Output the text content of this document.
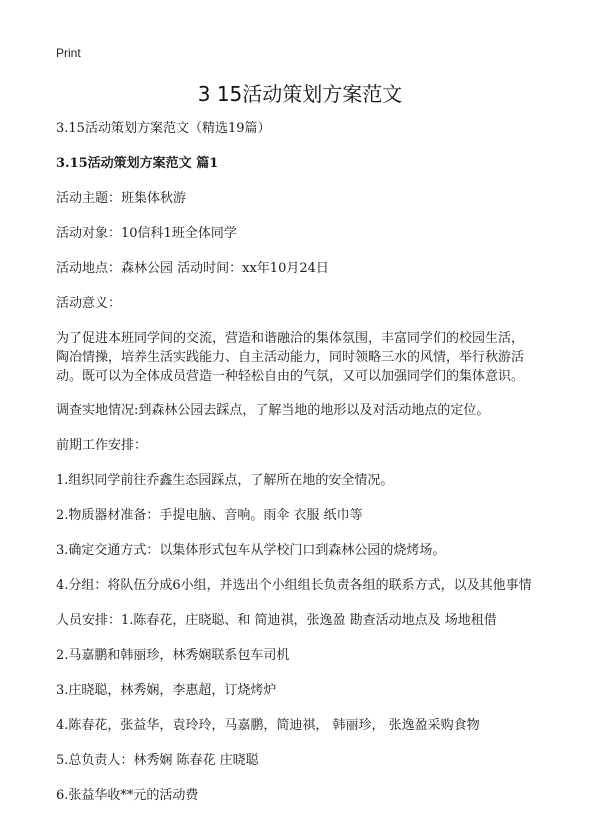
Print
3 15活动策划方案范文

3.15活动策划方案范文（精选19篇）

3.15活动策划方案范文 篇1

活动主题：班集体秋游

活动对象：10信科1班全体同学

活动地点：森林公园 活动时间：xx年10月24日

活动意义：

为了促进本班同学间的交流，营造和谐融洽的集体氛围，丰富同学们的校园生活，
陶冶情操，培养生活实践能力、自主活动能力，同时领略三水的风情，举行秋游活
动。既可以为全体成员营造一种轻松自由的气氛，又可以加强同学们的集体意识。

调查实地情况:到森林公园去踩点，了解当地的地形以及对活动地点的定位。

前期工作安排：

1.组织同学前往乔鑫生态园踩点，了解所在地的安全情况。

2.物质器材准备：手提电脑、音响。雨伞 衣服 纸巾等

3.确定交通方式：以集体形式包车从学校门口到森林公园的烧烤场。

4.分组：将队伍分成6小组，并选出个小组组长负责各组的联系方式，以及其他事情

人员安排：1.陈春花，庄晓聪、和 简迪祺，张逸盈 勘查活动地点及 场地租借

2.马嘉鹏和韩丽珍，林秀娴联系包车司机

3.庄晓聪，林秀娴，李惠超，订烧烤炉

4.陈春花，张益华，袁玲玲，马嘉鹏，简迪祺， 韩丽珍， 张逸盈采购食物

5.总负责人：林秀娴 陈春花 庄晓聪

6.张益华收**元的活动费
